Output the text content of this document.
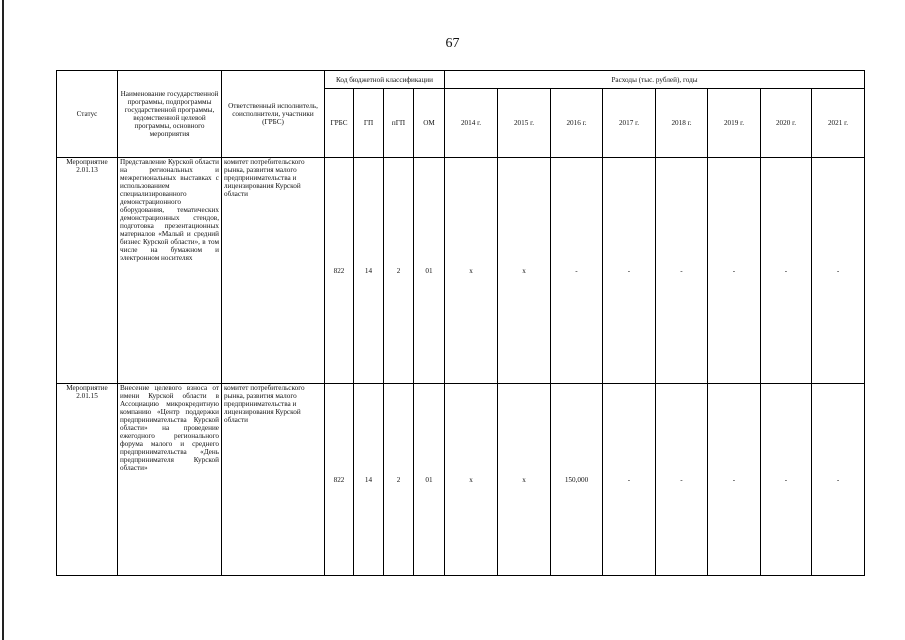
67
Статус	Наименование государственной программы, подпрограммы государственной программы, ведомственной целевой программы, основного мероприятия	Ответственный исполнитель, соисполнители, участники (ГРБС)	Код бюджетной классификации				Расходы (тыс. рублей), годы							
			ГРБС	ГП	пГП	ОМ	2014 г.	2015 г.	2016 г.	2017 г.	2018 г.	2019 г.	2020 г.	2021 г.
Мероприятие 2.01.13	Представление Курской области на региональных и межрегиональных выставках с использованием специализированного демонстрационного оборудования, тематических демонстрационных стендов, подготовка презентационных материалов «Малый и средний бизнес Курской области», в том числе на бумажном и электронном носителях	комитет потребительского рынка, развития малого предпринимательства и лицензирования Курской области	822	14	2	01	x	x	-	-	-	-	-	-
Мероприятие 2.01.15	Внесение целевого взноса от имени Курской области в Ассоциацию микрокредитную компанию «Центр поддержки предпринимательства Курской области» на проведение ежегодного регионального форума малого и среднего предпринимательства «День предпринимателя Курской области»	комитет потребительского рынка, развития малого предпринимательства и лицензирования Курской области	822	14	2	01	x	x	150,000	-	-	-	-	-
